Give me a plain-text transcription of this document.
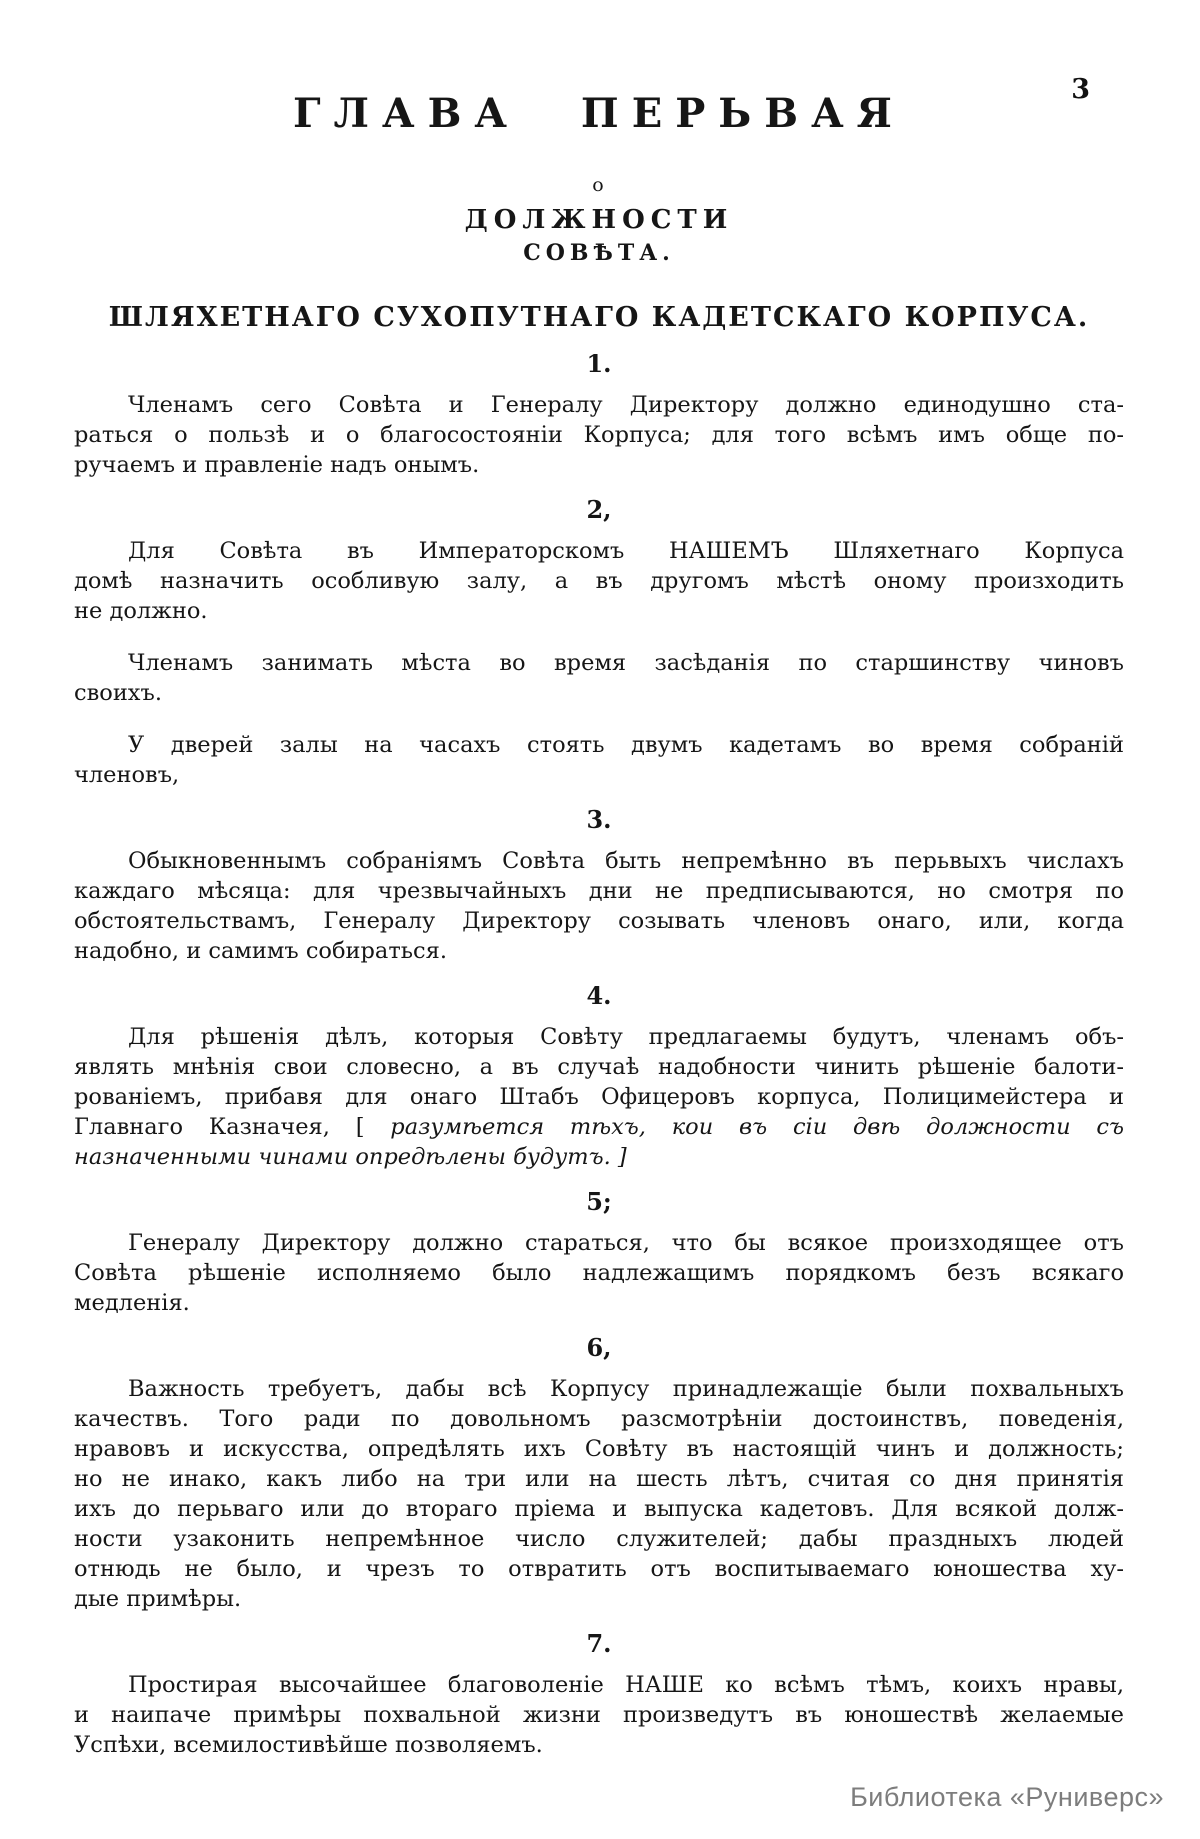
3
ГЛАВА ПЕРЬВАЯ
о
ДОЛЖНОСТИ
СОВѢТА.
ШЛЯХЕТНАГО СУХОПУТНАГО КАДЕТСКАГО КОРПУСА.
1.

Членамъ сего Совѣта и Генералу Директору должно единодушно ста-
раться о пользѣ и о благосостояніи Корпуса; для того всѣмъ имъ обще по-
ручаемъ и правленіе надъ онымъ.

2,

Для Совѣта въ Императорскомъ НАШЕМЪ Шляхетнаго Корпуса
домѣ назначить особливую залу, а въ другомъ мѣстѣ оному произходить
не должно.

Членамъ занимать мѣста во время засѣданія по старшинству чиновъ
своихъ.

У дверей залы на часахъ стоять двумъ кадетамъ во время собраній
членовъ,

3.

Обыкновеннымъ собраніямъ Совѣта быть непремѣнно въ перьвыхъ числахъ
каждаго мѣсяца: для чрезвычайныхъ дни не предписываются, но смотря по
обстоятельствамъ, Генералу Директору созывать членовъ онаго, или, когда
надобно, и самимъ собираться.

4.

Для рѣшенія дѣлъ, которыя Совѣту предлагаемы будутъ, членамъ объ-
являть мнѣнія свои словесно, а въ случаѣ надобности чинить рѣшеніе балоти-
рованіемъ, прибавя для онаго Штабъ Офицеровъ корпуса, Полицимейстера и
Главнаго Казначея, [ разумѣется тѣхъ, кои въ сіи двѣ должности съ
назначенными чинами опредѣлены будутъ. ]

5;

Генералу Директору должно стараться, что бы всякое произходящее отъ
Совѣта рѣшеніе исполняемо было надлежащимъ порядкомъ безъ всякаго
медленія.

6,

Важность требуетъ, дабы всѣ Корпусу принадлежащіе были похвальныхъ
качествъ. Того ради по довольномъ разсмотрѣніи достоинствъ, поведенія,
нравовъ и искусства, опредѣлять ихъ Совѣту въ настоящій чинъ и должность;
но не инако, какъ либо на три или на шесть лѣтъ, считая со дня принятія
ихъ до перьваго или до втораго пріема и выпуска кадетовъ. Для всякой долж-
ности узаконить непремѣнное число служителей; дабы праздныхъ людей
отнюдь не было, и чрезъ то отвратить отъ воспитываемаго юношества ху-
дые примѣры.

7.

Простирая высочайшее благоволеніе НАШЕ ко всѣмъ тѣмъ, коихъ нравы,
и наипаче примѣры похвальной жизни произведутъ въ юношествѣ желаемые
Успѣхи, всемилостивѣйше позволяемъ.

Библиотека «Руниверс»
